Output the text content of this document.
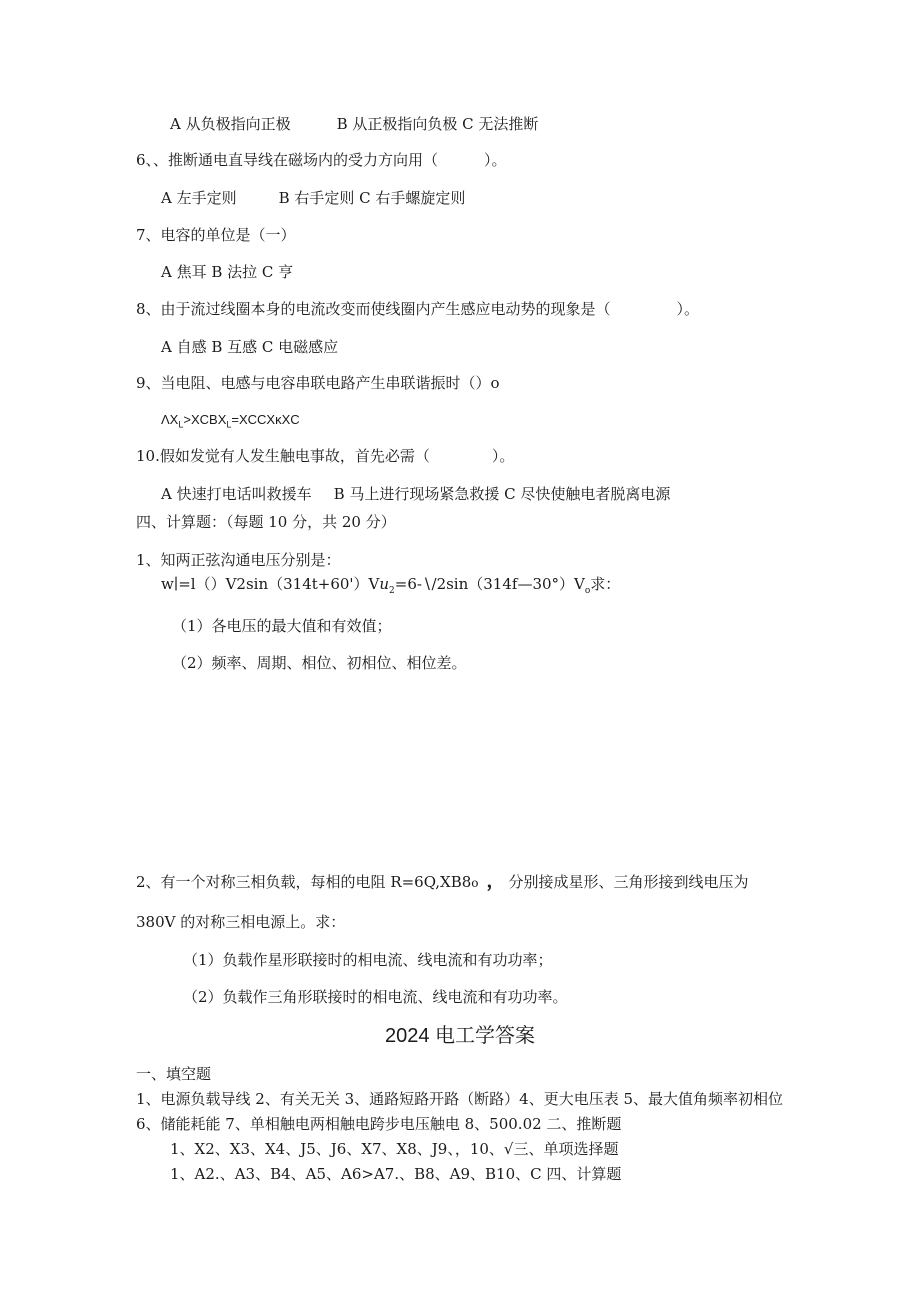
A 从负极指向正极	B 从正极指向负极 C 无法推断
6、、推断通电直导线在磁场内的受力方向用（	）。
A 左手定则	B 右手定则 C 右手螺旋定则
7、电容的单位是（一）
A 焦耳 B 法拉 C 亨
8、由于流过线圈本身的电流改变而使线圈内产生感应电动势的现象是（	）。
A 自感 B 互感 C 电磁感应
9、当电阻、电感与电容串联电路产生串联谐振时（）o
$\Lambda X_L>XCBX_L=XCCXĸXC$
10.假如发觉有人发生触电事故，首先必需（	）。
A 快速打电话叫救援车 B 马上进行现场紧急救援 C 尽快使触电者脱离电源
四、计算题：（每题 10 分，共 20 分）
1、知两正弦沟通电压分别是：
$w∣=l()V2\sin(314t+60')Vu_2=6-∖/2\sin(314f—30^\circ)V_o$求：
（1）各电压的最大值和有效值；
（2）频率、周期、相位、初相位、相位差。
2、有一个对称三相负载，每相的电阻 R=6Q,XB8o ， 分别接成星形、三角形接到线电压为
380V 的对称三相电源上。求：
（1）负载作星形联接时的相电流、线电流和有功功率；
（2）负载作三角形联接时的相电流、线电流和有功功率。
2024 电工学答案
一、填空题
1、电源负载导线 2、有关无关 3、通路短路开路（断路）4、更大电压表 5、最大值角频率初相位
6、储能耗能 7、单相触电两相触电跨步电压触电 8、500.02 二、推断题
1、X2、X3、X4、J5、J6、X7、X8、J9、，10、√三、单项选择题
1、A2.、A3、B4、A5、A6>A7.、B8、A9、B10、C 四、计算题
